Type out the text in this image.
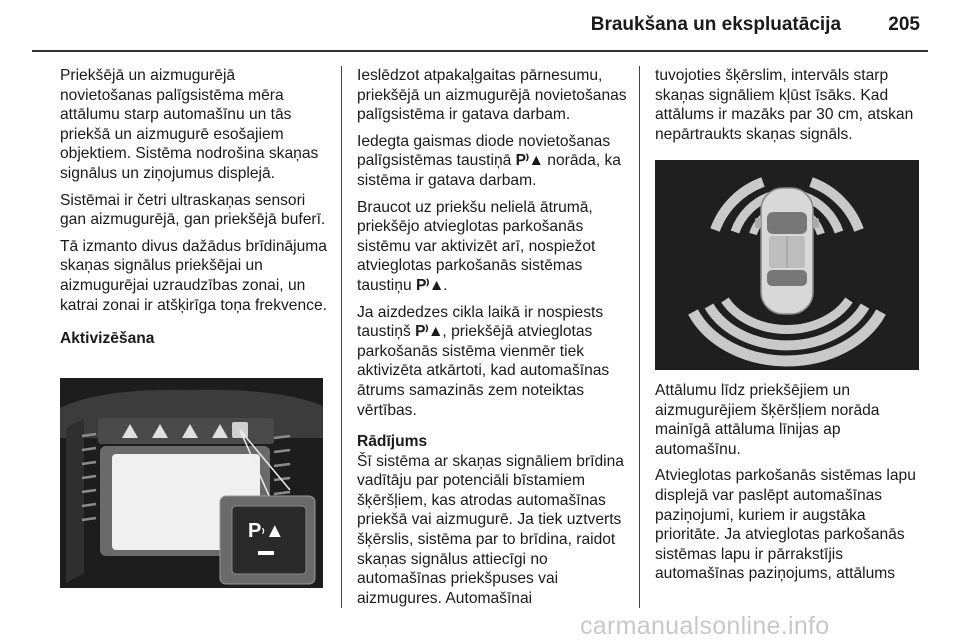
Braukšana un ekspluatācija 205

Priekšējā un aizmugurējā novietošanas palīgsistēma mēra attālumu starp automašīnu un tās priekšā un aizmugurē esošajiem objektiem. Sistēma nodrošina skaņas signālus un ziņojumus displejā.

Sistēmai ir četri ultraskaņas sensori gan aizmugurējā, gan priekšējā buferī.

Tā izmanto divus dažādus brīdinājuma skaņas signālus priekšējai un aizmugurējai uzraudzības zonai, un katrai zonai ir atšķirīga toņa frekvence.

Aktivizēšana

P⁾▲

Ieslēdzot atpakaļgaitas pārnesumu, priekšējā un aizmugurējā novietošanas palīgsistēma ir gatava darbam.

Iedegta gaismas diode novietošanas palīgsistēmas taustiņā P⁾▲ norāda, ka sistēma ir gatava darbam.

Braucot uz priekšu nelielā ātrumā, priekšējo atvieglotas parkošanās sistēmu var aktivizēt arī, nospiežot atvieglotas parkošanās sistēmas taustiņu P⁾▲.

Ja aizdedzes cikla laikā ir nospiests taustiņš P⁾▲, priekšējā atvieglotas parkošanās sistēma vienmēr tiek aktivizēta atkārtoti, kad automašīnas ātrums samazinās zem noteiktas vērtības.

Rādījums

Šī sistēma ar skaņas signāliem brīdina vadītāju par potenciāli bīstamiem šķēršļiem, kas atrodas automašīnas priekšā vai aizmugurē. Ja tiek uztverts šķērslis, sistēma par to brīdina, raidot skaņas signālus attiecīgi no automašīnas priekšpuses vai aizmugures. Automašīnai

tuvojoties šķērslim, intervāls starp skaņas signāliem kļūst īsāks. Kad attālums ir mazāks par 30 cm, atskan nepārtraukts skaņas signāls.

Attālumu līdz priekšējiem un aizmugurējiem šķēršļiem norāda mainīgā attāluma līnijas ap automašīnu.

Atvieglotas parkošanās sistēmas lapu displejā var paslēpt automašīnas paziņojumi, kuriem ir augstāka prioritāte. Ja atvieglotas parkošanās sistēmas lapu ir pārrakstījis automašīnas paziņojums, attālums

carmanualsonline.info
